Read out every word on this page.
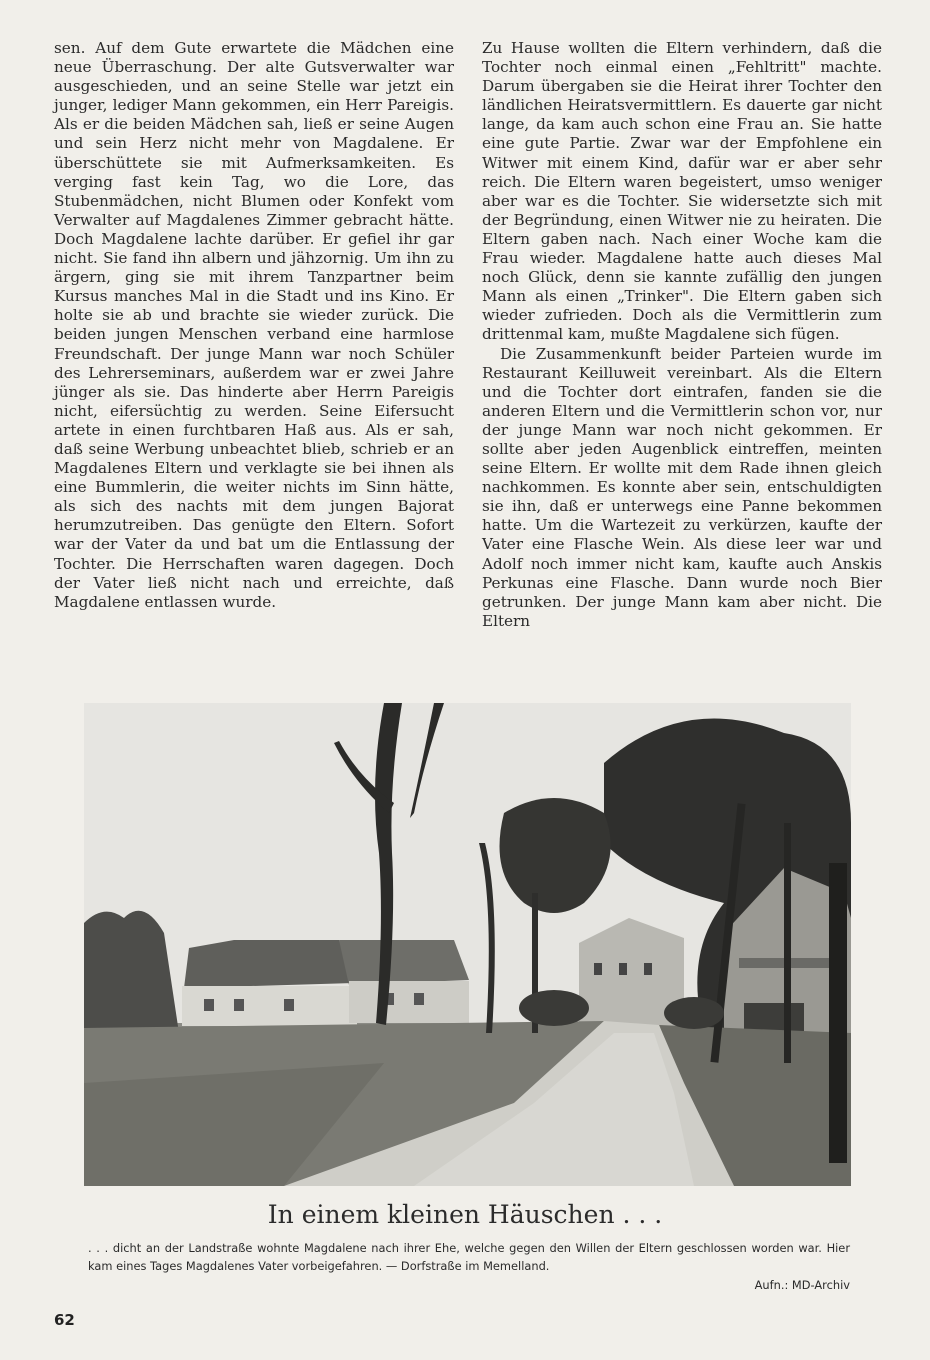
sen. Auf dem Gute erwartete die Mädchen eine neue Überraschung. Der alte Gutsverwalter war ausgeschieden, und an seine Stelle war jetzt ein junger, lediger Mann gekommen, ein Herr Pareigis. Als er die beiden Mädchen sah, ließ er seine Augen und sein Herz nicht mehr von Magdalene. Er überschüttete sie mit Aufmerksamkeiten. Es verging fast kein Tag, wo die Lore, das Stubenmädchen, nicht Blumen oder Konfekt vom Verwalter auf Magdalenes Zimmer gebracht hätte. Doch Magdalene lachte darüber. Er gefiel ihr gar nicht. Sie fand ihn albern und jähzornig. Um ihn zu ärgern, ging sie mit ihrem Tanzpartner beim Kursus manches Mal in die Stadt und ins Kino. Er holte sie ab und brachte sie wieder zurück. Die beiden jungen Menschen verband eine harmlose Freundschaft. Der junge Mann war noch Schüler des Lehrerseminars, außerdem war er zwei Jahre jünger als sie. Das hinderte aber Herrn Pareigis nicht, eifersüchtig zu werden. Seine Eifersucht artete in einen furchtbaren Haß aus. Als er sah, daß seine Werbung unbeachtet blieb, schrieb er an Magdalenes Eltern und verklagte sie bei ihnen als eine Bummlerin, die weiter nichts im Sinn hätte, als sich des nachts mit dem jungen Bajorat herumzutreiben. Das genügte den Eltern. Sofort war der Vater da und bat um die Entlassung der Tochter. Die Herrschaften waren dagegen. Doch der Vater ließ nicht nach und erreichte, daß Magdalene entlassen wurde.

Zu Hause wollten die Eltern verhindern, daß die Tochter noch einmal einen „Fehltritt" machte. Darum übergaben sie die Heirat ihrer Tochter den ländlichen Heiratsvermittlern. Es dauerte gar nicht lange, da kam auch schon eine Frau an. Sie hatte eine gute Partie. Zwar war der Empfohlene ein Witwer mit einem Kind, dafür war er aber sehr reich. Die Eltern waren begeistert, umso weniger aber war es die Tochter. Sie widersetzte sich mit der Begründung, einen Witwer nie zu heiraten. Die Eltern gaben nach. Nach einer Woche kam die Frau wieder. Magdalene hatte auch dieses Mal noch Glück, denn sie kannte zufällig den jungen Mann als einen „Trinker". Die Eltern gaben sich wieder zufrieden. Doch als die Vermittlerin zum drittenmal kam, mußte Magdalene sich fügen.

Die Zusammenkunft beider Parteien wurde im Restaurant Keilluweit vereinbart. Als die Eltern und die Tochter dort eintrafen, fanden sie die anderen Eltern und die Vermittlerin schon vor, nur der junge Mann war noch nicht gekommen. Er sollte aber jeden Augenblick eintreffen, meinten seine Eltern. Er wollte mit dem Rade ihnen gleich nachkommen. Es konnte aber sein, entschuldigten sie ihn, daß er unterwegs eine Panne bekommen hatte. Um die Wartezeit zu verkürzen, kaufte der Vater eine Flasche Wein. Als diese leer war und Adolf noch immer nicht kam, kaufte auch Anskis Perkunas eine Flasche. Dann wurde noch Bier getrunken. Der junge Mann kam aber nicht. Die Eltern

In einem kleinen Häuschen . . .
. . . dicht an der Landstraße wohnte Magdalene nach ihrer Ehe, welche gegen den Willen der Eltern geschlossen worden war. Hier kam eines Tages Magdalenes Vater vorbeigefahren. — Dorfstraße im Memelland.
Aufn.: MD-Archiv
62
